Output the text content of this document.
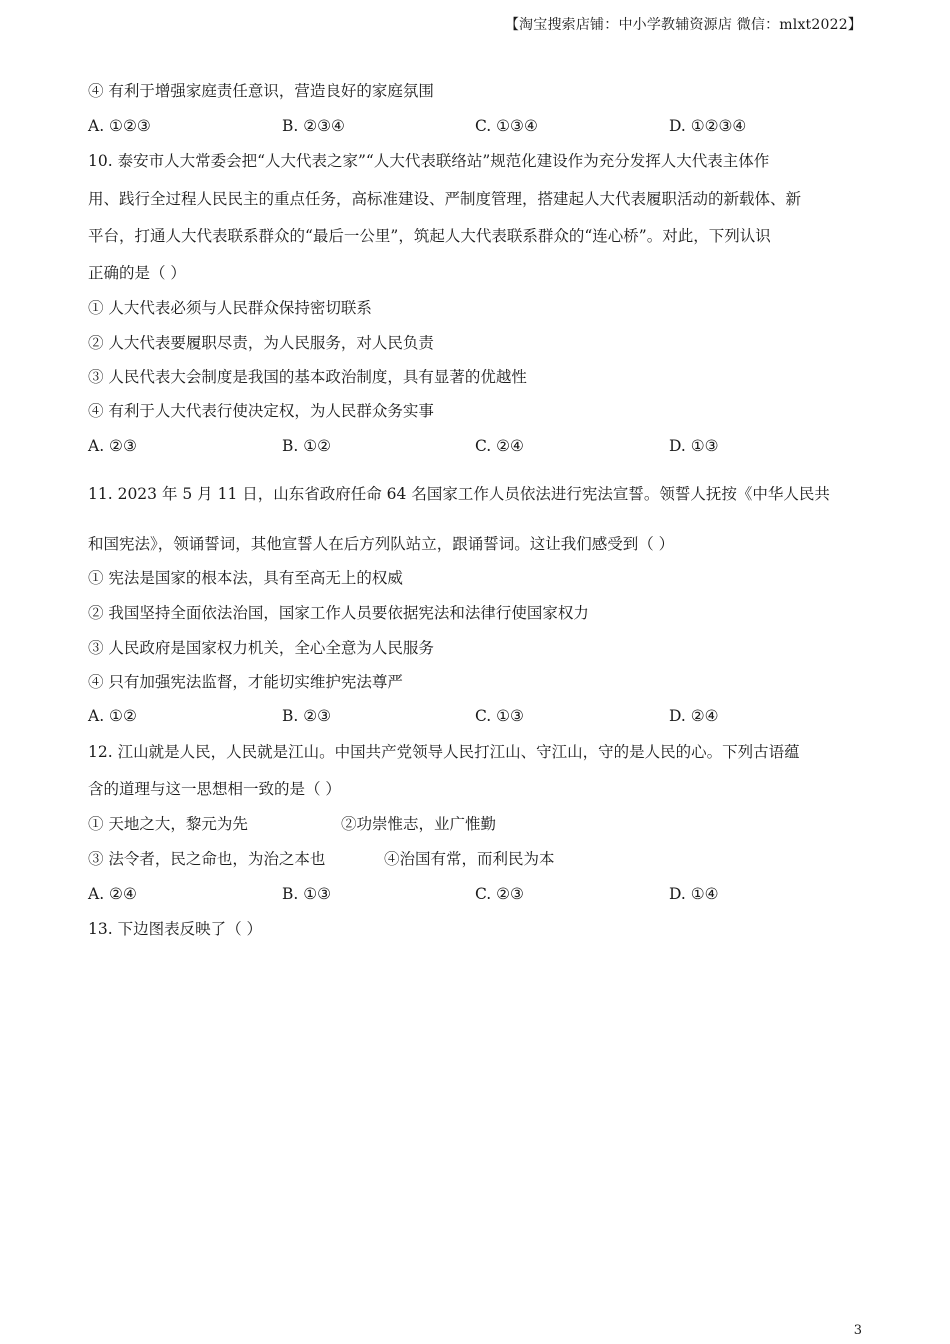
【淘宝搜索店铺：中小学教辅资源店 微信：mlxt2022】
④ 有利于增强家庭责任意识，营造良好的家庭氛围
A. ①②③	B. ②③④	C. ①③④	D. ①②③④
10. 泰安市人大常委会把“人大代表之家”“人大代表联络站”规范化建设作为充分发挥人大代表主体作
用、践行全过程人民民主的重点任务，高标准建设、严制度管理，搭建起人大代表履职活动的新载体、新
平台，打通人大代表联系群众的“最后一公里”，筑起人大代表联系群众的“连心桥”。对此，下列认识
正确的是（ ）
① 人大代表必须与人民群众保持密切联系
② 人大代表要履职尽责，为人民服务，对人民负责
③ 人民代表大会制度是我国的基本政治制度，具有显著的优越性
④ 有利于人大代表行使决定权，为人民群众务实事
A. ②③	B. ①②	C. ②④	D. ①③
11. 2023 年 5 月 11 日，山东省政府任命 64 名国家工作人员依法进行宪法宣誓。领誓人抚按《中华人民共
和国宪法》，领诵誓词，其他宣誓人在后方列队站立，跟诵誓词。这让我们感受到（ ）
① 宪法是国家的根本法，具有至高无上的权威
② 我国坚持全面依法治国，国家工作人员要依据宪法和法律行使国家权力
③ 人民政府是国家权力机关，全心全意为人民服务
④ 只有加强宪法监督，才能切实维护宪法尊严
A. ①②	B. ②③	C. ①③	D. ②④
12. 江山就是人民，人民就是江山。中国共产党领导人民打江山、守江山，守的是人民的心。下列古语蕴
含的道理与这一思想相一致的是（ ）
① 天地之大，黎元为先	②功崇惟志，业广惟勤
③ 法令者，民之命也，为治之本也	④治国有常，而利民为本
A. ②④	B. ①③	C. ②③	D. ①④
13. 下边图表反映了（ ）
3
